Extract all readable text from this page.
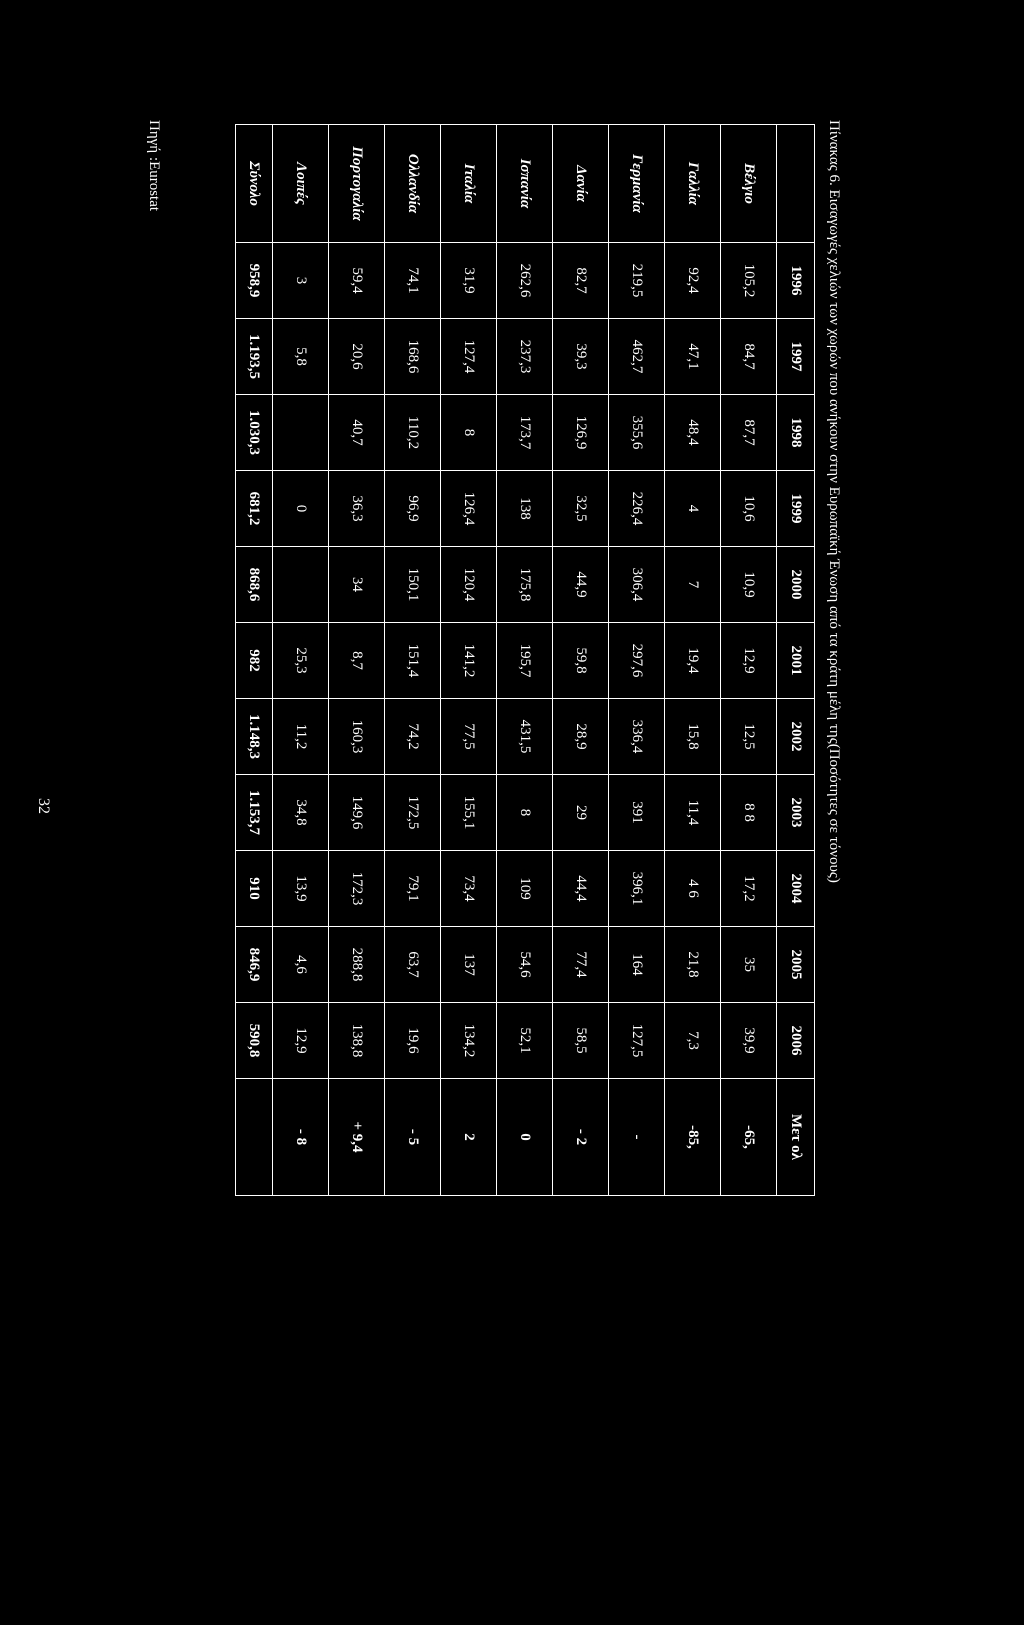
Πίνακας 6. Εισαγωγές χελιών των χωρών που ανήκουν στην Ευρωπαϊκή Ένωση από τα κράτη μέλη της(Ποσότητες σε τόνους)
	1996	1997	1998	1999	2000	2001	2002	2003	2004	2005	2006	Μετ ολ
Βέλγιο	105,2	84,7	87,7	10,6	10,9	12,9	12,5	8 8	17,2	35	39,9	-65,
Γαλλία	92,4	47,1	48,4	4	7	19,4	15,8	11,4	4 6	21,8	7,3	-85,
Γερμανία	219,5	462,7	355,6	226,4	306,4	297,6	336,4	391	396,1	164	127,5	-
Δανία	82,7	39,3	126,9	32,5	44,9	59,8	28,9	29	44,4	77,4	58,5	- 2
Ισπανία	262,6	237,3	173,7	138	175,8	195,7	431,5	8	109	54,6	52,1	0
Ιταλία	31,9	127,4	8	126,4	120,4	141,2	77,5	155,1	73,4	137	134,2	2
Ολλανδία	74,1	168,6	110,2	96,9	150,1	151,4	74,2	172,5	79,1	63,7	19,6	- 5
Πορτογαλία	59,4	20,6	40,7	36,3	34	8,7	160,3	149,6	172,3	288,8	138,8	+ 9,4
Λοιπές	3	5,8		0		25,3	11,2	34,8	13,9	4,6	12,9	- 8
Σύνολο	958,9	1.193,5	1.030,3	681,2	868,6	982	1.148,3	1.153,7	910	846,9	590,8	
Πηγή :Eurostat
32
